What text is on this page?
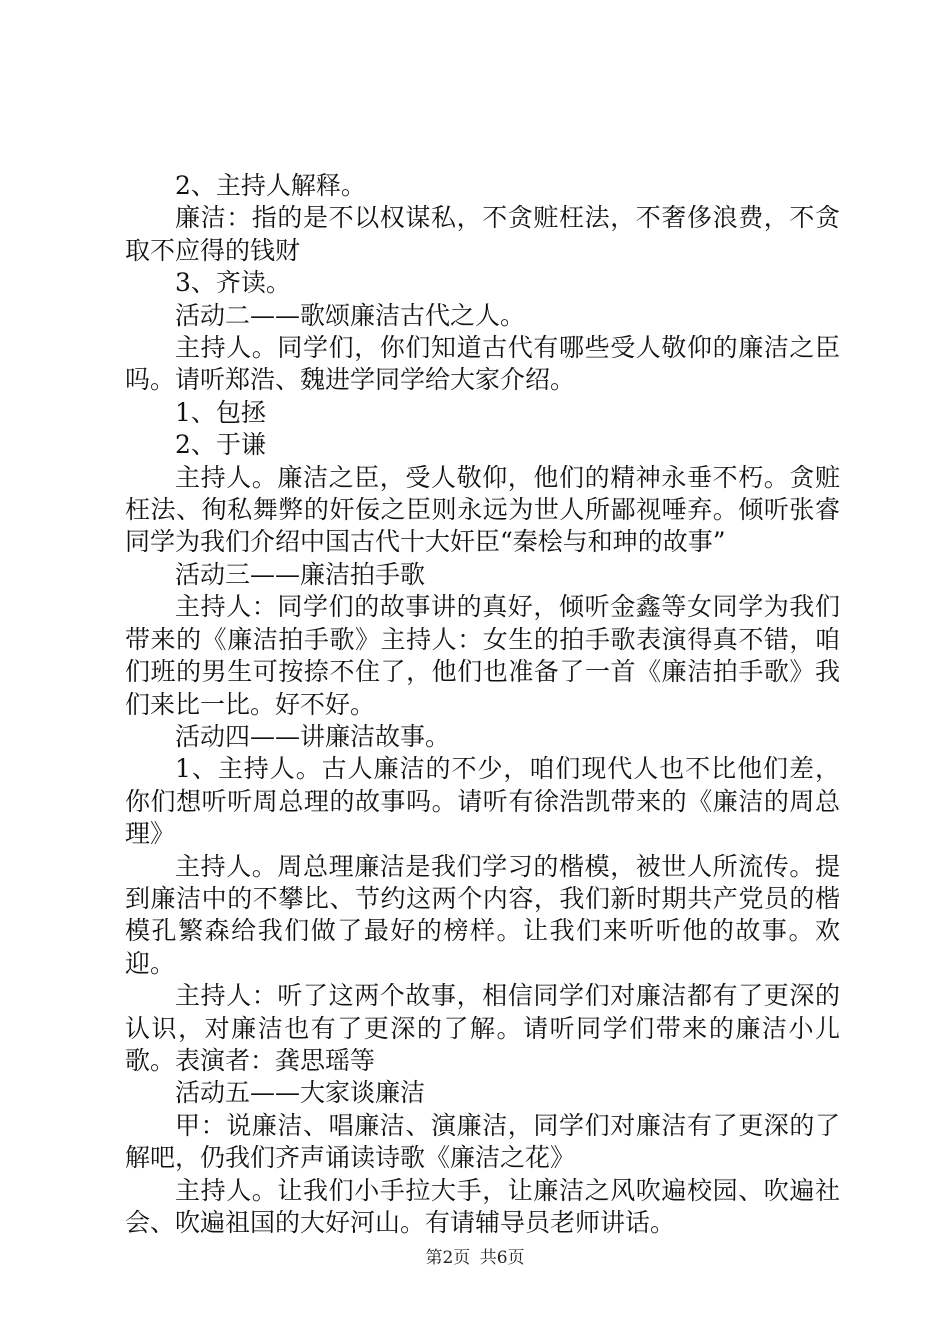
2、主持人解释。

廉洁：指的是不以权谋私，不贪赃枉法，不奢侈浪费，不贪取不应得的钱财

3、齐读。

活动二——歌颂廉洁古代之人。

主持人。同学们，你们知道古代有哪些受人敬仰的廉洁之臣吗。请听郑浩、魏进学同学给大家介绍。

1、包拯

2、于谦

主持人。廉洁之臣，受人敬仰，他们的精神永垂不朽。贪赃枉法、徇私舞弊的奸佞之臣则永远为世人所鄙视唾弃。倾听张睿同学为我们介绍中国古代十大奸臣“秦桧与和珅的故事”

活动三——廉洁拍手歌

主持人：同学们的故事讲的真好，倾听金鑫等女同学为我们带来的《廉洁拍手歌》主持人：女生的拍手歌表演得真不错，咱们班的男生可按捺不住了，他们也准备了一首《廉洁拍手歌》我们来比一比。好不好。

活动四——讲廉洁故事。

1、主持人。古人廉洁的不少，咱们现代人也不比他们差，你们想听听周总理的故事吗。请听有徐浩凯带来的《廉洁的周总理》

主持人。周总理廉洁是我们学习的楷模，被世人所流传。提到廉洁中的不攀比、节约这两个内容，我们新时期共产党员的楷模孔繁森给我们做了最好的榜样。让我们来听听他的故事。欢迎。

主持人：听了这两个故事，相信同学们对廉洁都有了更深的认识，对廉洁也有了更深的了解。请听同学们带来的廉洁小儿歌。表演者：龚思瑶等

活动五——大家谈廉洁

甲：说廉洁、唱廉洁、演廉洁，同学们对廉洁有了更深的了解吧，仍我们齐声诵读诗歌《廉洁之花》

主持人。让我们小手拉大手，让廉洁之风吹遍校园、吹遍社会、吹遍祖国的大好河山。有请辅导员老师讲话。

第2页 共6页
